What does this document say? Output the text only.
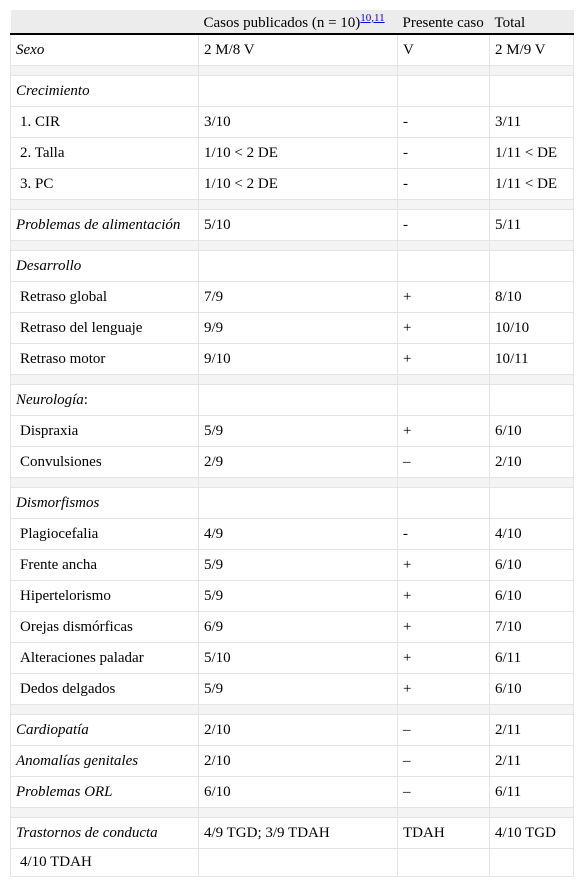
	Casos publicados (n = 10)$^{10,11}$	Presente caso	Total
Sexo	2 M/8 V	V	2 M/9 V

Crecimiento			
1. CIR	3/10	-	3/11
2. Talla	1/10 < 2 DE	-	1/11 < DE
3. PC	1/10 < 2 DE	-	1/11 < DE

Problemas de alimentación	5/10	-	5/11

Desarrollo			
Retraso global	7/9	+	8/10
Retraso del lenguaje	9/9	+	10/10
Retraso motor	9/10	+	10/11

Neurología:			
Dispraxia	5/9	+	6/10
Convulsiones	2/9	–	2/10

Dismorfismos			
Plagiocefalia	4/9	-	4/10
Frente ancha	5/9	+	6/10
Hipertelorismo	5/9	+	6/10
Orejas dismórficas	6/9	+	7/10
Alteraciones paladar	5/10	+	6/11
Dedos delgados	5/9	+	6/10

Cardiopatía	2/10	–	2/11
Anomalías genitales	2/10	–	2/11
Problemas ORL	6/10	–	6/11

Trastornos de conducta	4/9 TGD; 3/9 TDAH	TDAH	4/10 TGD
4/10 TDAH			
